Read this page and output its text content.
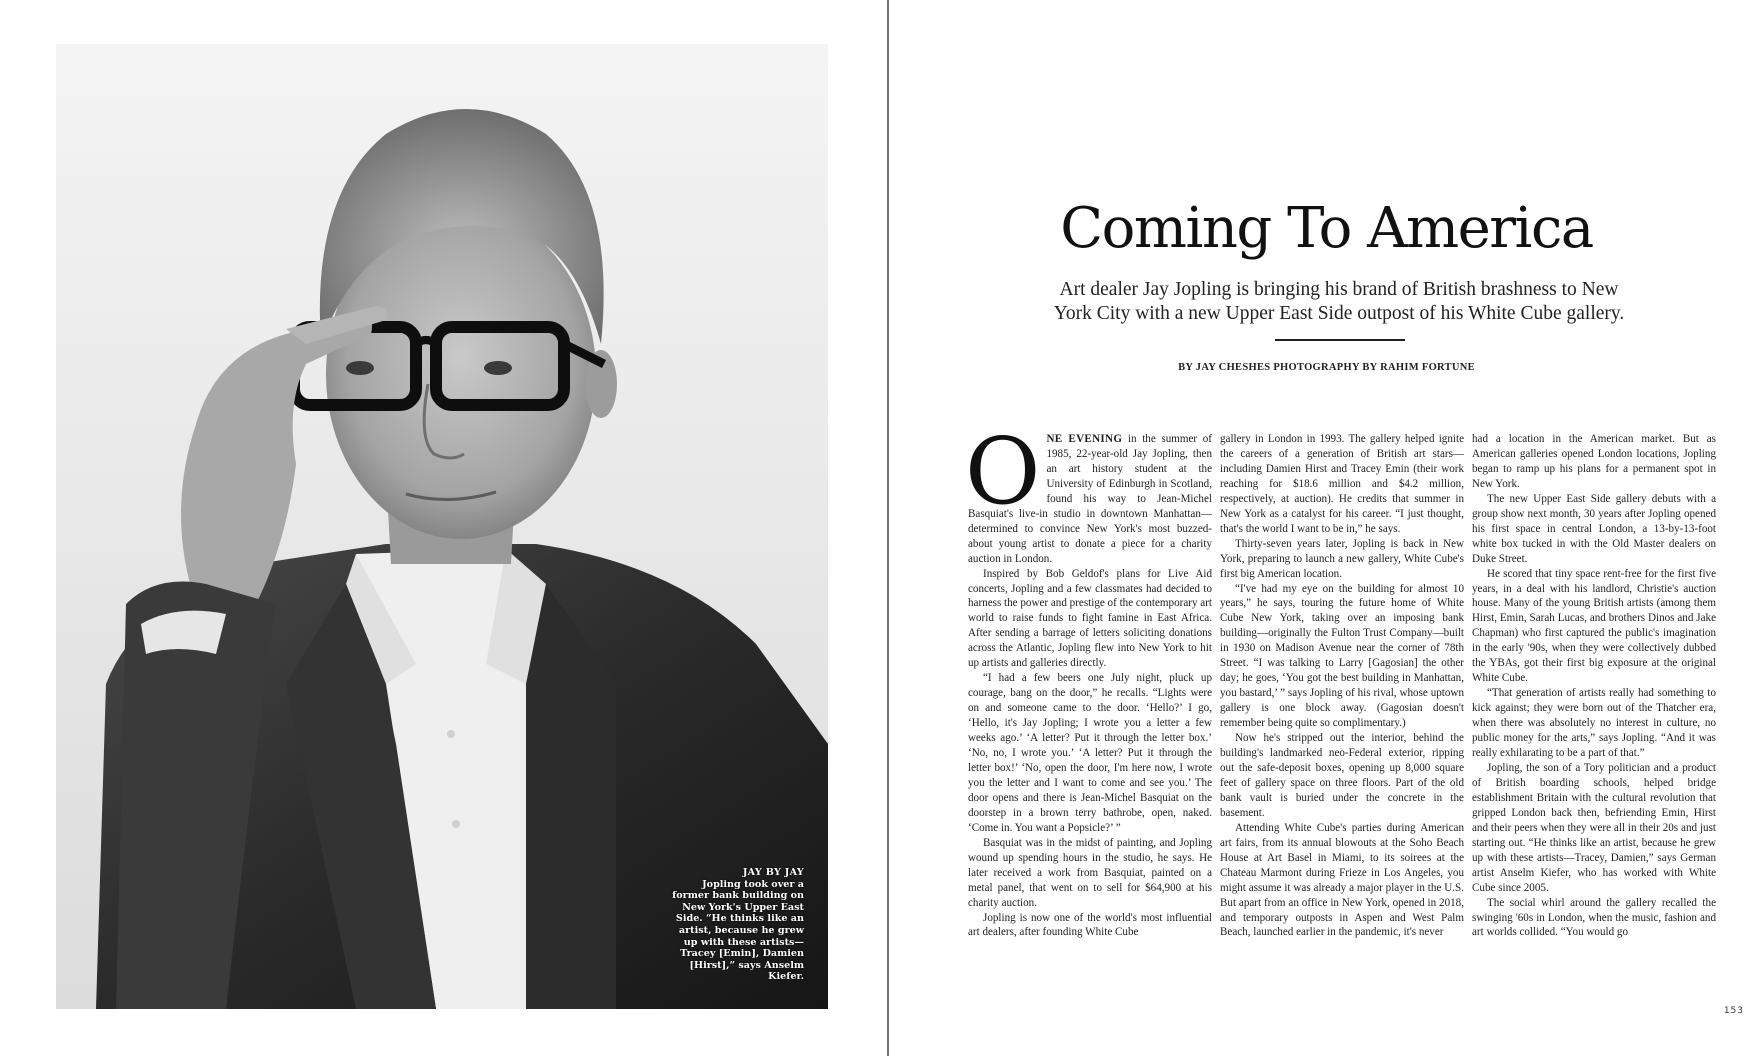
JAY BY JAY
Jopling took over a former bank building on New York's Upper East Side. “He thinks like an artist, because he grew up with these artists—Tracey [Emin], Damien [Hirst],” says Anselm Kiefer.
Coming To America

Art dealer Jay Jopling is bringing his brand of British brashness to New York City with a new Upper East Side outpost of his White Cube gallery.

BY JAY CHESHES PHOTOGRAPHY BY RAHIM FORTUNE

ONE EVENING in the summer of 1985, 22-year-old Jay Jopling, then an art history student at the University of Edinburgh in Scotland, found his way to Jean-Michel Basquiat's live-in studio in downtown Manhattan—determined to convince New York's most buzzed-about young artist to donate a piece for a charity auction in London.

Inspired by Bob Geldof's plans for Live Aid concerts, Jopling and a few classmates had decided to harness the power and prestige of the contemporary art world to raise funds to fight famine in East Africa. After sending a barrage of letters soliciting donations across the Atlantic, Jopling flew into New York to hit up artists and galleries directly.

“I had a few beers one July night, pluck up courage, bang on the door,” he recalls. “Lights were on and someone came to the door. ‘Hello?’ I go, ‘Hello, it's Jay Jopling; I wrote you a letter a few weeks ago.’ ‘A letter? Put it through the letter box.’ ‘No, no, I wrote you.’ ‘A letter? Put it through the letter box!’ ‘No, open the door, I'm here now, I wrote you the letter and I want to come and see you.’ The door opens and there is Jean-Michel Basquiat on the doorstep in a brown terry bathrobe, open, naked. ‘Come in. You want a Popsicle?’ ”

Basquiat was in the midst of painting, and Jopling wound up spending hours in the studio, he says. He later received a work from Basquiat, painted on a metal panel, that went on to sell for $64,900 at his charity auction.

Jopling is now one of the world's most influential art dealers, after founding White Cube

gallery in London in 1993. The gallery helped ignite the careers of a generation of British art stars—including Damien Hirst and Tracey Emin (their work reaching for $18.6 million and $4.2 million, respectively, at auction). He credits that summer in New York as a catalyst for his career. “I just thought, that's the world I want to be in,” he says.

Thirty-seven years later, Jopling is back in New York, preparing to launch a new gallery, White Cube's first big American location.

“I've had my eye on the building for almost 10 years,” he says, touring the future home of White Cube New York, taking over an imposing bank building—originally the Fulton Trust Company—built in 1930 on Madison Avenue near the corner of 78th Street. “I was talking to Larry [Gagosian] the other day; he goes, ‘You got the best building in Manhattan, you bastard,’ ” says Jopling of his rival, whose uptown gallery is one block away. (Gagosian doesn't remember being quite so complimentary.)

Now he's stripped out the interior, behind the building's landmarked neo-Federal exterior, ripping out the safe-deposit boxes, opening up 8,000 square feet of gallery space on three floors. Part of the old bank vault is buried under the concrete in the basement.

Attending White Cube's parties during American art fairs, from its annual blowouts at the Soho Beach House at Art Basel in Miami, to its soirees at the Chateau Marmont during Frieze in Los Angeles, you might assume it was already a major player in the U.S. But apart from an office in New York, opened in 2018, and temporary outposts in Aspen and West Palm Beach, launched earlier in the pandemic, it's never

had a location in the American market. But as American galleries opened London locations, Jopling began to ramp up his plans for a permanent spot in New York.

The new Upper East Side gallery debuts with a group show next month, 30 years after Jopling opened his first space in central London, a 13-by-13-foot white box tucked in with the Old Master dealers on Duke Street.

He scored that tiny space rent-free for the first five years, in a deal with his landlord, Christie's auction house. Many of the young British artists (among them Hirst, Emin, Sarah Lucas, and brothers Dinos and Jake Chapman) who first captured the public's imagination in the early '90s, when they were collectively dubbed the YBAs, got their first big exposure at the original White Cube.

“That generation of artists really had something to kick against; they were born out of the Thatcher era, when there was absolutely no interest in culture, no public money for the arts,” says Jopling. “And it was really exhilarating to be a part of that.”

Jopling, the son of a Tory politician and a product of British boarding schools, helped bridge establishment Britain with the cultural revolution that gripped London back then, befriending Emin, Hirst and their peers when they were all in their 20s and just starting out. “He thinks like an artist, because he grew up with these artists—Tracey, Damien,” says German artist Anselm Kiefer, who has worked with White Cube since 2005.

The social whirl around the gallery recalled the swinging '60s in London, when the music, fashion and art worlds collided. “You would go

153
